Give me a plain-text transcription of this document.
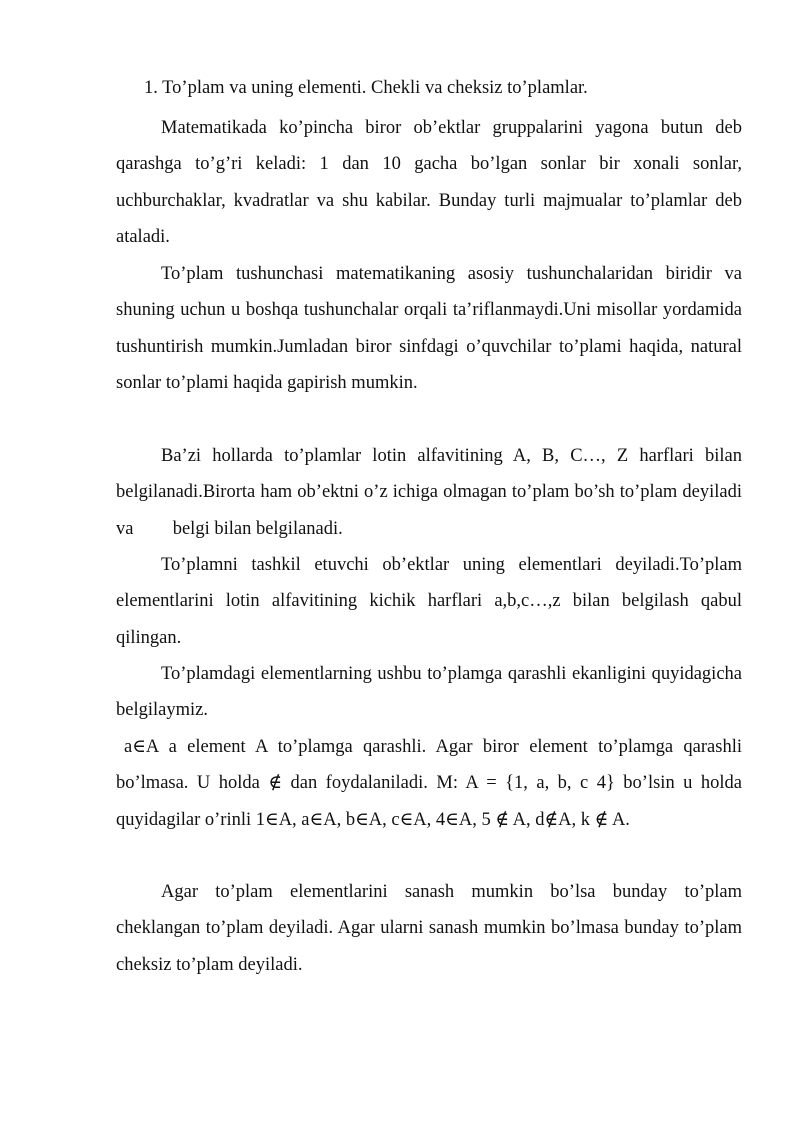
1. To’plam va uning elementi. Chekli va cheksiz to’plamlar.

Matematikada ko’pincha biror ob’ektlar gruppalarini yagona butun deb qarashga to’g’ri keladi: 1 dan 10 gacha bo’lgan sonlar bir xonali sonlar, uchburchaklar, kvadratlar va shu kabilar. Bunday turli majmualar to’plamlar deb ataladi.

To’plam tushunchasi matematikaning asosiy tushunchalaridan biridir va shuning uchun u boshqa tushunchalar orqali ta’riflanmaydi.Uni misollar yordamida tushuntirish mumkin.Jumladan biror sinfdagi o’quvchilar to’plami haqida, natural sonlar to’plami haqida gapirish mumkin.

Ba’zi hollarda to’plamlar lotin alfavitining A, B, C…, Z harflari bilan belgilanadi.Birorta ham ob’ektni o’z ichiga olmagan to’plam bo’sh to’plam deyiladi va belgi bilan belgilanadi.

To’plamni tashkil etuvchi ob’ektlar uning elementlari deyiladi.To’plam elementlarini lotin alfavitining kichik harflari a,b,c…,z bilan belgilash qabul qilingan.

To’plamdagi elementlarning ushbu to’plamga qarashli ekanligini quyidagicha belgilaymiz.

a∈A a element A to’plamga qarashli. Agar biror element to’plamga qarashli bo’lmasa. U holda ∉ dan foydalaniladi. M: A = {1, a, b, c 4} bo’lsin u holda quyidagilar o’rinli 1∈A, a∈A, b∈A, c∈A, 4∈A, 5 ∉ A, d∉A, k ∉ A.

Agar to’plam elementlarini sanash mumkin bo’lsa bunday to’plam cheklangan to’plam deyiladi. Agar ularni sanash mumkin bo’lmasa bunday to’plam cheksiz to’plam deyiladi.
